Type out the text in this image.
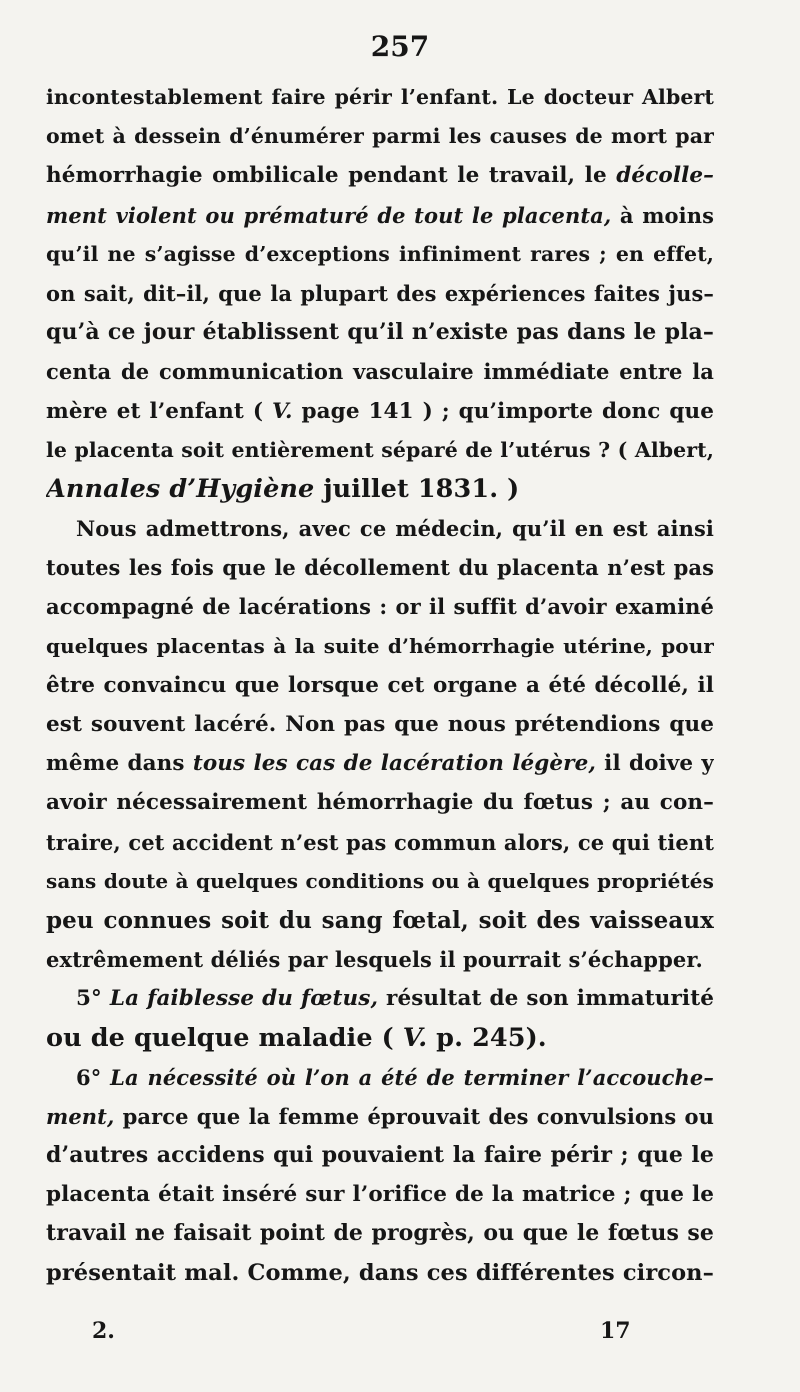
257
incontestablement faire périr l’enfant. Le docteur Albert
omet à dessein d’énumérer parmi les causes de mort par
hémorrhagie ombilicale pendant le travail, le décolle–
ment violent ou prématuré de tout le placenta, à moins
qu’il ne s’agisse d’exceptions infiniment rares ; en effet,
on sait, dit–il, que la plupart des expériences faites jus–
qu’à ce jour établissent qu’il n’existe pas dans le pla–
centa de communication vasculaire immédiate entre la
mère et l’enfant ( V. page 141 ) ; qu’importe donc que
le placenta soit entièrement séparé de l’utérus ? ( Albert,
Annales d’Hygiène juillet 1831. )
Nous admettrons, avec ce médecin, qu’il en est ainsi
toutes les fois que le décollement du placenta n’est pas
accompagné de lacérations : or il suffit d’avoir examiné
quelques placentas à la suite d’hémorrhagie utérine, pour
être convaincu que lorsque cet organe a été décollé, il
est souvent lacéré. Non pas que nous prétendions que
même dans tous les cas de lacération légère, il doive y
avoir nécessairement hémorrhagie du fœtus ; au con–
traire, cet accident n’est pas commun alors, ce qui tient
sans doute à quelques conditions ou à quelques propriétés
peu connues soit du sang fœtal, soit des vaisseaux
extrêmement déliés par lesquels il pourrait s’échapper.
5° La faiblesse du fœtus, résultat de son immaturité
ou de quelque maladie ( V. p. 245).
6° La nécessité où l’on a été de terminer l’accouche–
ment, parce que la femme éprouvait des convulsions ou
d’autres accidens qui pouvaient la faire périr ; que le
placenta était inséré sur l’orifice de la matrice ; que le
travail ne faisait point de progrès, ou que le fœtus se
présentait mal. Comme, dans ces différentes circon–
2.	17
